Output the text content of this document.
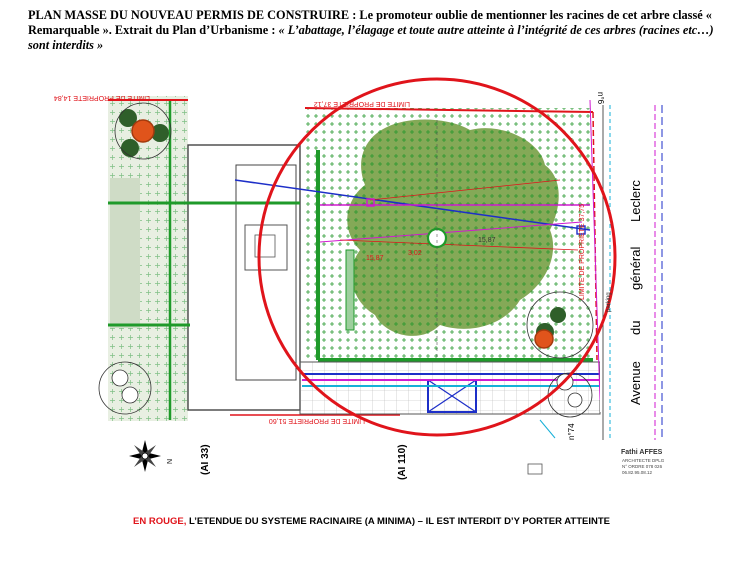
PLAN MASSE DU NOUVEAU PERMIS DE CONSTRUIRE : Le promoteur oublie de mentionner les racines de cet arbre classé « Remarquable ». Extrait du Plan d’Urbanisme : « L’abattage, l’élagage et toute autre atteinte à l’intégrité de ces arbres (racines etc…) sont interdits »
LIMITE DE PROPRIETE 14,84
LIMITE DE PROPRIETE 37,12
LIMITE DE PROPRIETE 51,60
LIMITE DE PROPRIETE 37,75
15,87
3,02
15,87
parking
(AI 33)	(AI 110)
n°6
n°74
Avenue
du
général
Leclerc
N
Fathi AFFES
ARCHITECTE DPLG
N° ORDRE 078 026
06.82.95.08.12
EN ROUGE, L’ETENDUE DU SYSTEME RACINAIRE (A MINIMA) – IL EST INTERDIT D’Y PORTER ATTEINTE
